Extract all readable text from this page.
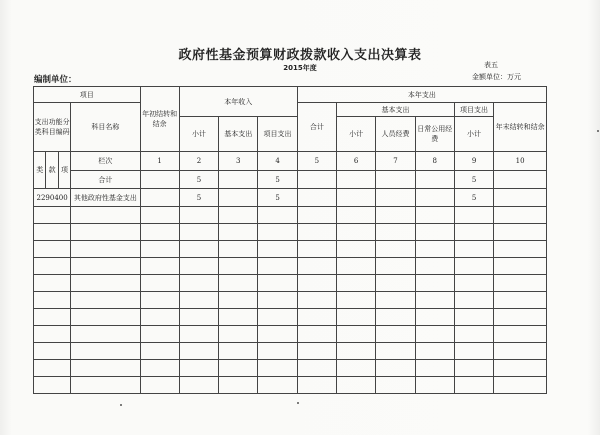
政府性基金预算财政拨款收入支出决算表
2015年度	表五
金额单位：万元
编制单位：
项目				年初结转和结余	本年收入			本年支出					
支出功能分类科目编码			科目名称					合计	基本支出			项目支出	年末结转和结余
					小计	基本支出	项目支出		小计	人员经费	日常公用经费	小计	
类	款	项	栏次	1	2	3	4	5	6	7	8	9	10
			合计		5		5					5	
2290400			其他政府性基金支出		5		5					5	
